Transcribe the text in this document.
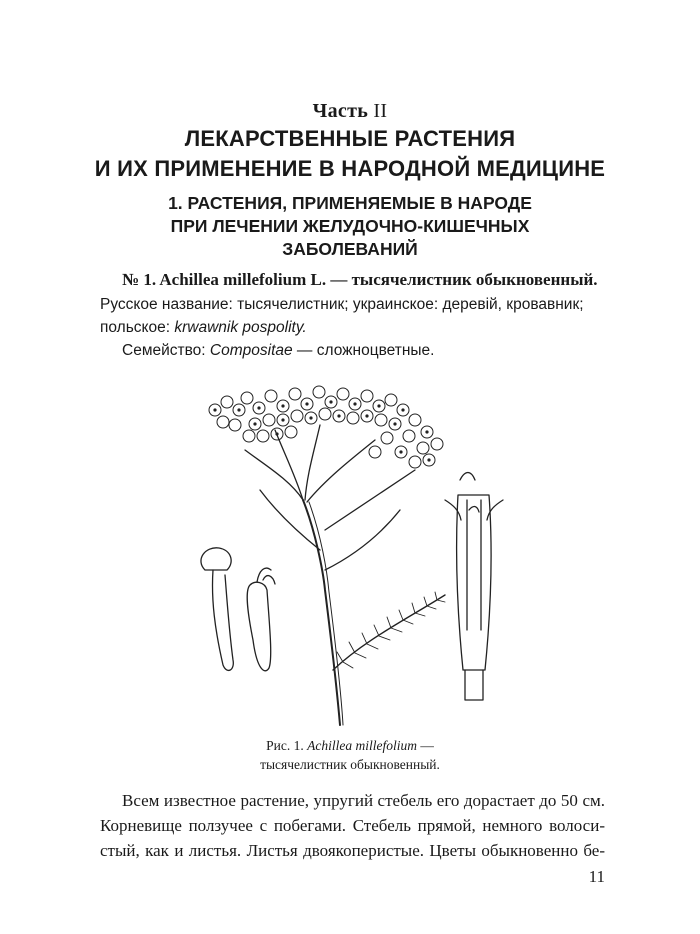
Часть II
ЛЕКАРСТВЕННЫЕ РАСТЕНИЯ
И ИХ ПРИМЕНЕНИЕ В НАРОДНОЙ МЕДИЦИНЕ
1. РАСТЕНИЯ, ПРИМЕНЯЕМЫЕ В НАРОДЕ
ПРИ ЛЕЧЕНИИ ЖЕЛУДОЧНО-КИШЕЧНЫХ
ЗАБОЛЕВАНИЙ
№ 1. Achillea millefolium L. — тысячелистник обыкновенный.
Русское название: тысячелистник; украинское: деревій, кровавник;
польское: krwawnik pospolity.
Семейство: Compositae — сложноцветные.
Рис. 1. Achillea millefolium —
тысячелистник обыкновенный.
Всем известное растение, упругий стебель его дорастает до 50 см.
Корневище ползучее с побегами. Стебель прямой, немного волоси-
стый, как и листья. Листья двоякоперистые. Цветы обыкновенно бе-
11
